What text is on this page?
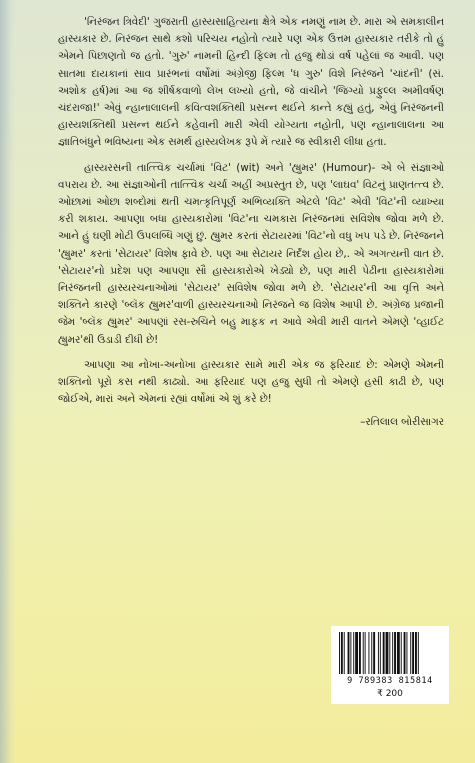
'નિરંજન ત્રિવેદી' ગુજરાતી હાસ્યસાહિત્યના ક્ષેત્રે એક નમણું નામ છે. મારા એ સમકાલીન હાસ્યકાર છે. નિરંજન સાથે કશો પરિચય નહોતો ત્યારે પણ એક ઉત્તમ હાસ્યકાર તરીકે તો હું એમને પિછાણતો જ હતો. 'ગુરુ' નામની હિન્દી ફિલ્મ તો હજુ થોડાં વર્ષ પહેલાં જ આવી. પણ સાતમા દાયકાનાં સાવ પ્રારંભનાં વર્ષોમાં અંગ્રેજી ફિલ્મ 'ધ ગુરુ' વિશે નિરંજને 'ચાંદની' (સં. અશોક હર્ષ)માં આ જ શીર્ષકવાળો લેખ લખ્યો હતો, જે વાંચીને 'જિગ્યો પ્રફુલ્લ અમીવર્ષણ ચંદરાજા!' એવું ન્હાનાલાલની કવિત્વશક્તિથી પ્રસન્ન થઈને કાન્તે કહ્યું હતું, એવું નિરંજનની હાસ્યશક્તિથી પ્રસન્ન થઈને કહેવાની મારી એવી યોગ્યતા નહોતી, પણ ન્હાનાલાલના આ જ્ઞાતિબંધુને ભવિષ્યના એક સમર્થ હાસ્યલેખક રૂપે મેં ત્યારે જ સ્વીકારી લીધા હતા.

હાસ્યરસની તાત્ત્વિક ચર્ચામાં 'વિટ' (wit) અને 'હ્યુમર' (Humour)- એ બે સંજ્ઞાઓ વપરાય છે. આ સંજ્ઞાઓની તાત્ત્વિક ચર્ચા અહીં અપ્રસ્તુત છે, પણ 'લાઘવ' વિટનું પ્રાણતત્ત્વ છે. ઓછામાં ઓછા શબ્દોમાં થતી ચમત્કૃતિપૂર્ણ અભિવ્યક્તિ એટલે 'વિટ' એવી 'વિટ'ની વ્યાખ્યા કરી શકાય. આપણા બધા હાસ્યકારોમાં 'વિટ'ના ચમકારા નિરંજનમાં સવિશેષ જોવા મળે છે. આને હું ઘણી મોટી ઉપલબ્ધિ ગણું છું. હ્યુમર કરતાં સેટાયરમાં 'વિટ'નો વધુ ખપ પડે છે. નિરંજનને 'હ્યુમર' કરતાં 'સેટાયર' વિશેષ ફાવે છે. પણ આ સેટાયર નિર્દંશ હોય છે,. એ અગત્યની વાત છે. 'સેટાયર'નો પ્રદેશ પણ આપણા સૌ હાસ્યકારોએ ખેડ્યો છે, પણ મારી પેઢીના હાસ્યકારોમાં નિરંજનની હાસ્યરચનાઓમાં 'સેટાયર' સવિશેષ જોવા મળે છે. 'સેટાયર'ની આ વૃત્તિ અને શક્તિને કારણે 'બ્લૅક હ્યુમર'વાળી હાસ્યરચનાઓ નિરંજને જ વિશેષ આપી છે. અંગ્રેજ પ્રજાની જેમ 'બ્લૅક હ્યુમર' આપણાં રસ-રુચિને બહુ માફક ન આવે એવી મારી વાતને એમણે 'વ્હાઈટ હ્યુમર'થી ઉડાડી દીધી છે!

આપણા આ નોખા-અનોખા હાસ્યકાર સામે મારી એક જ ફરિયાદ છે: એમણે એમની શક્તિનો પૂરો કસ નથી કાઢ્યો. આ ફરિયાદ પણ હજુ સુધી તો એમણે હસી કાઢી છે, પણ જોઈએ, મારાં અને એમનાં રહ્યાં વર્ષોમાં એ શું કરે છે!

–રતિલાલ બોરીસાગર
9 789383 815814
₹ 200
